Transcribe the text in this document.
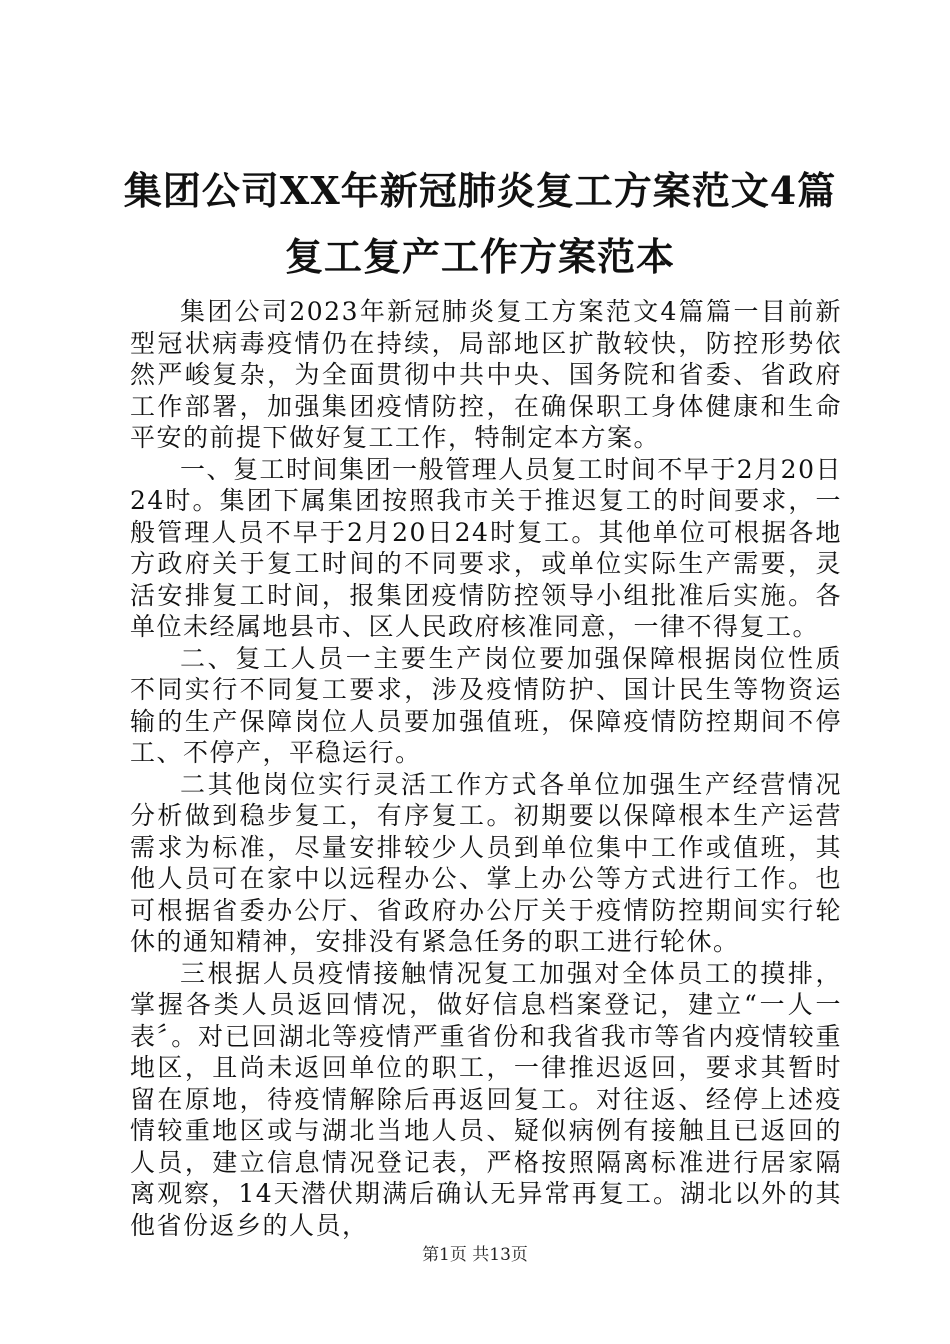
集团公司XX年新冠肺炎复工方案范文4篇复工复产工作方案范本

集团公司2023年新冠肺炎复工方案范文4篇篇一目前新型冠状病毒疫情仍在持续，局部地区扩散较快，防控形势依然严峻复杂，为全面贯彻中共中央、国务院和省委、省政府工作部署，加强集团疫情防控，在确保职工身体健康和生命平安的前提下做好复工工作，特制定本方案。

一、复工时间集团一般管理人员复工时间不早于2月20日24时。集团下属集团按照我市关于推迟复工的时间要求，一般管理人员不早于2月20日24时复工。其他单位可根据各地方政府关于复工时间的不同要求，或单位实际生产需要，灵活安排复工时间，报集团疫情防控领导小组批准后实施。各单位未经属地县市、区人民政府核准同意，一律不得复工。

二、复工人员一主要生产岗位要加强保障根据岗位性质不同实行不同复工要求，涉及疫情防护、国计民生等物资运输的生产保障岗位人员要加强值班，保障疫情防控期间不停工、不停产，平稳运行。

二其他岗位实行灵活工作方式各单位加强生产经营情况分析做到稳步复工，有序复工。初期要以保障根本生产运营需求为标准，尽量安排较少人员到单位集中工作或值班，其他人员可在家中以远程办公、掌上办公等方式进行工作。也可根据省委办公厅、省政府办公厅关于疫情防控期间实行轮休的通知精神，安排没有紧急任务的职工进行轮休。

三根据人员疫情接触情况复工加强对全体员工的摸排，掌握各类人员返回情况，做好信息档案登记，建立“一人一表〞。对已回湖北等疫情严重省份和我省我市等省内疫情较重地区，且尚未返回单位的职工，一律推迟返回，要求其暂时留在原地，待疫情解除后再返回复工。对往返、经停上述疫情较重地区或与湖北当地人员、疑似病例有接触且已返回的人员，建立信息情况登记表，严格按照隔离标准进行居家隔离观察，14天潜伏期满后确认无异常再复工。湖北以外的其他省份返乡的人员，

第1页 共13页
